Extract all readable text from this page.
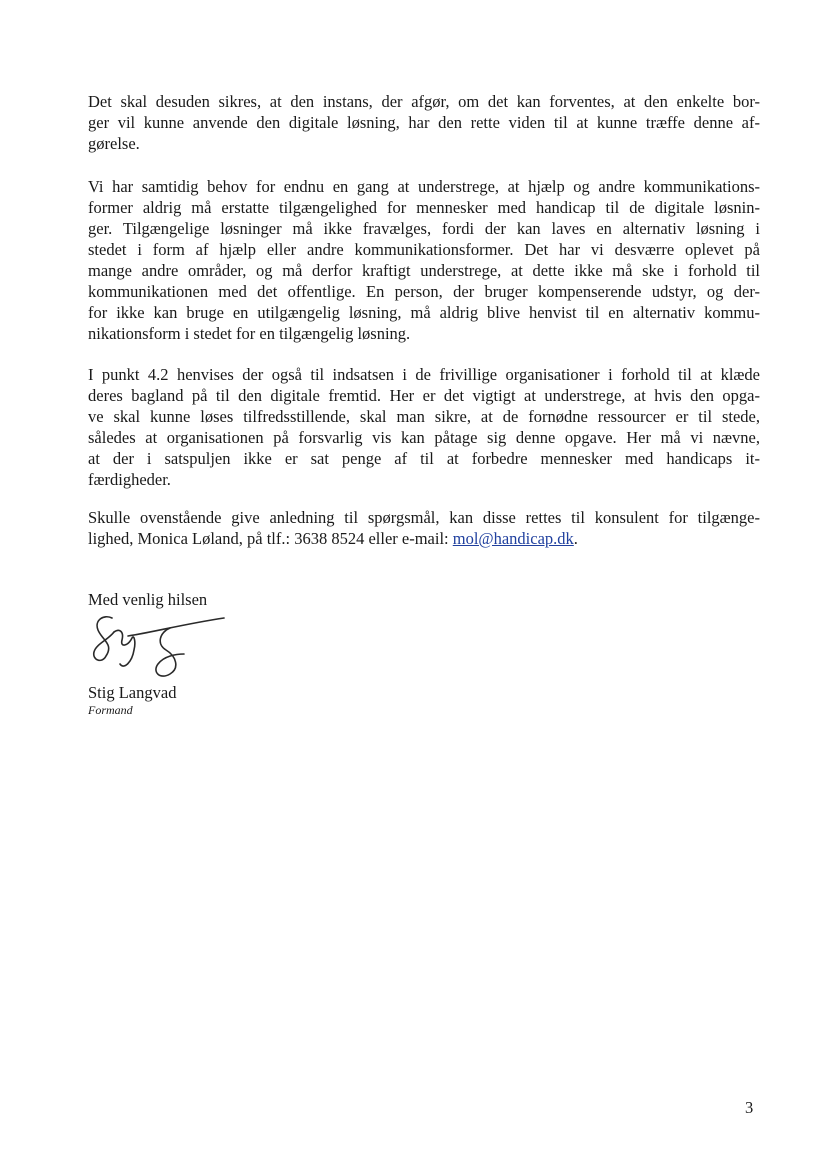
Det skal desuden sikres, at den instans, der afgør, om det kan forventes, at den enkelte bor-
ger vil kunne anvende den digitale løsning, har den rette viden til at kunne træffe denne af-
gørelse.
Vi har samtidig behov for endnu en gang at understrege, at hjælp og andre kommunikations-
former aldrig må erstatte tilgængelighed for mennesker med handicap til de digitale løsnin-
ger. Tilgængelige løsninger må ikke fravælges, fordi der kan laves en alternativ løsning i
stedet i form af hjælp eller andre kommunikationsformer. Det har vi desværre oplevet på
mange andre områder, og må derfor kraftigt understrege, at dette ikke må ske i forhold til
kommunikationen med det offentlige. En person, der bruger kompenserende udstyr, og der-
for ikke kan bruge en utilgængelig løsning, må aldrig blive henvist til en alternativ kommu-
nikationsform i stedet for en tilgængelig løsning.
I punkt 4.2 henvises der også til indsatsen i de frivillige organisationer i forhold til at klæde
deres bagland på til den digitale fremtid. Her er det vigtigt at understrege, at hvis den opga-
ve skal kunne løses tilfredsstillende, skal man sikre, at de fornødne ressourcer er til stede,
således at organisationen på forsvarlig vis kan påtage sig denne opgave. Her må vi nævne,
at der i satspuljen ikke er sat penge af til at forbedre mennesker med handicaps it-
færdigheder.
Skulle ovenstående give anledning til spørgsmål, kan disse rettes til konsulent for tilgænge-
lighed, Monica Løland, på tlf.: 3638 8524 eller e-mail: mol@handicap.dk.
Med venlig hilsen
Stig Langvad
Formand
3
